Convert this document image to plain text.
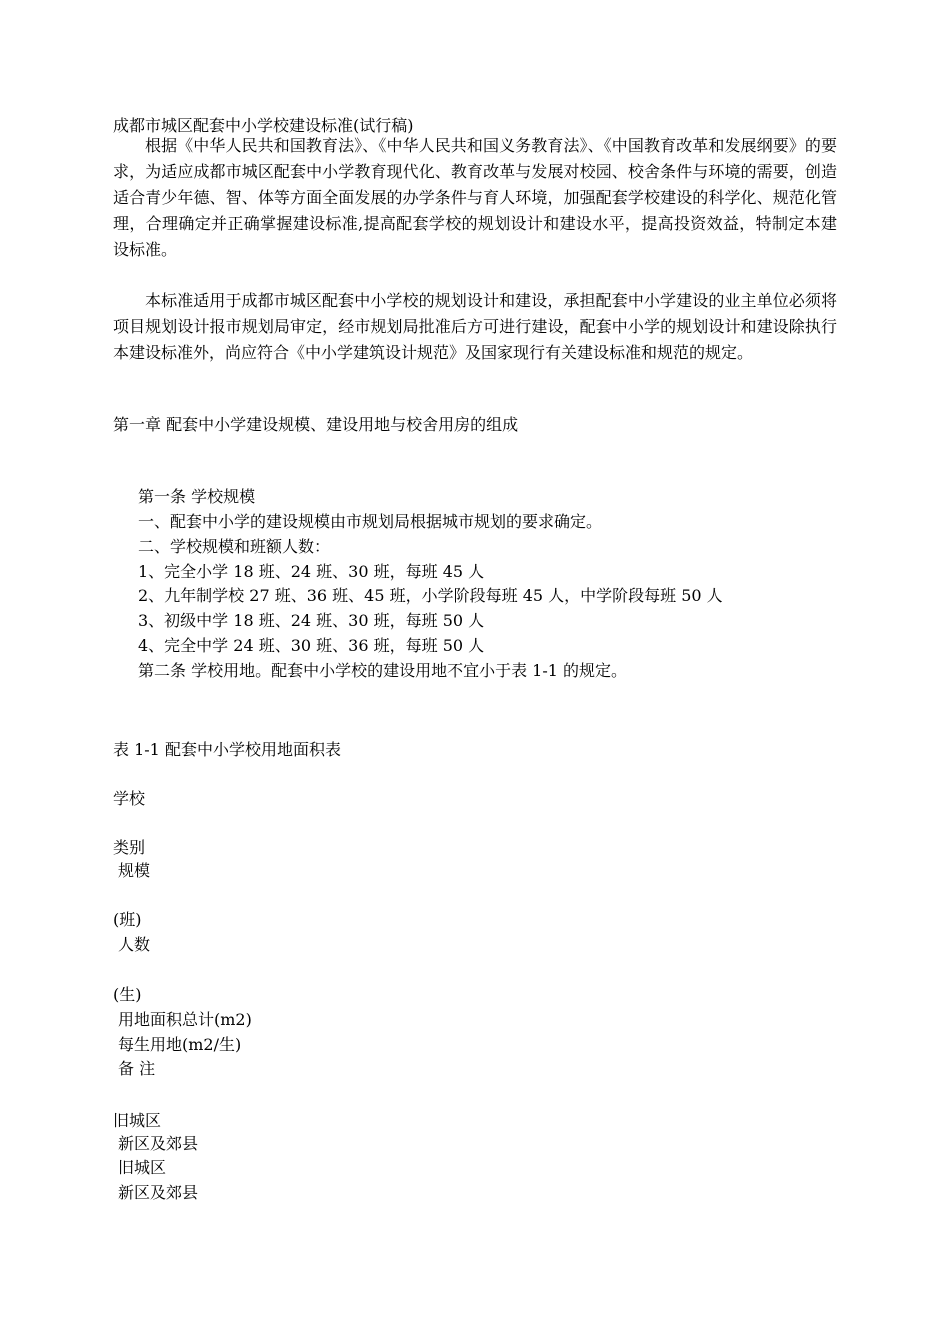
成都市城区配套中小学校建设标准(试行稿)
根据《中华人民共和国教育法》、《中华人民共和国义务教育法》、《中国教育改革和发展纲要》的要求，为适应成都市城区配套中小学教育现代化、教育改革与发展对校园、校舍条件与环境的需要，创造适合青少年德、智、体等方面全面发展的办学条件与育人环境，加强配套学校建设的科学化、规范化管理，合理确定并正确掌握建设标准,提高配套学校的规划设计和建设水平，提高投资效益，特制定本建设标准。
本标准适用于成都市城区配套中小学校的规划设计和建设，承担配套中小学建设的业主单位必须将项目规划设计报市规划局审定，经市规划局批准后方可进行建设，配套中小学的规划设计和建设除执行本建设标准外，尚应符合《中小学建筑设计规范》及国家现行有关建设标准和规范的规定。
第一章 配套中小学建设规模、建设用地与校舍用房的组成
第一条 学校规模
一、配套中小学的建设规模由市规划局根据城市规划的要求确定。
二、学校规模和班额人数：
1、完全小学 18 班、24 班、30 班，每班 45 人
2、九年制学校 27 班、36 班、45 班，小学阶段每班 45 人，中学阶段每班 50 人
3、初级中学 18 班、24 班、30 班，每班 50 人
4、完全中学 24 班、30 班、36 班，每班 50 人
第二条 学校用地。配套中小学校的建设用地不宜小于表 1-1 的规定。
表 1-1 配套中小学校用地面积表
学校
类别
规模
(班)
人数
(生)
用地面积总计(m2)
每生用地(m2/生)
备 注
旧城区
新区及郊县
旧城区
新区及郊县
